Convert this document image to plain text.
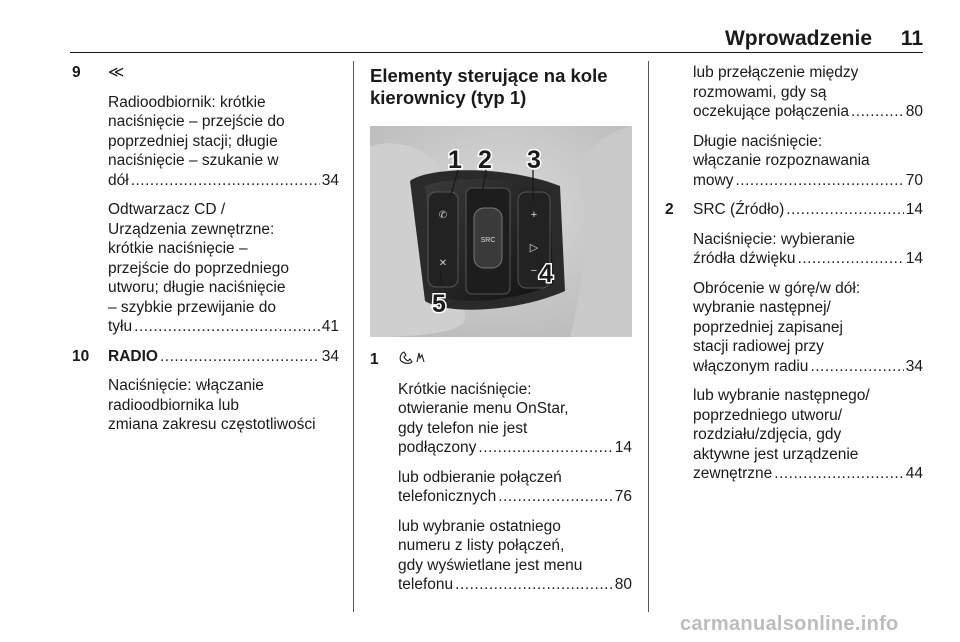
Wprowadzenie 11
9 ≪
Radioodbiornik: krótkie
naciśnięcie – przejście do
poprzedniej stacji; długie
naciśnięcie – szukanie w
dół .....	34
Odtwarzacz CD /
Urządzenia zewnętrzne:
krótkie naciśnięcie –
przejście do poprzedniego
utworu; długie naciśnięcie
– szybkie przewijanie do
tyłu .....	41
10 RADIO .....	34
Naciśnięcie: włączanie
radioodbiornika lub
zmiana zakresu częstotliwości
Elementy sterujące na kole
kierownicy (typ 1)
✆
✕
SRC
+
▷
−
1 2 3
4
5
1
Krótkie naciśnięcie:
otwieranie menu OnStar,
gdy telefon nie jest
podłączony .....	14
lub odbieranie połączeń
telefonicznych .....	76
lub wybranie ostatniego
numeru z listy połączeń,
gdy wyświetlane jest menu
telefonu .....	80
lub przełączenie między
rozmowami, gdy są
oczekujące połączenia .....	80
Długie naciśnięcie:
włączanie rozpoznawania
mowy .....	70
2 SRC (Źródło) .....	14
Naciśnięcie: wybieranie
źródła dźwięku .....	14
Obrócenie w górę/w dół:
wybranie następnej/
poprzedniej zapisanej
stacji radiowej przy
włączonym radiu .....	34
lub wybranie następnego/
poprzedniego utworu/
rozdziału/zdjęcia, gdy
aktywne jest urządzenie
zewnętrzne .....	44
carmanualsonline.info
